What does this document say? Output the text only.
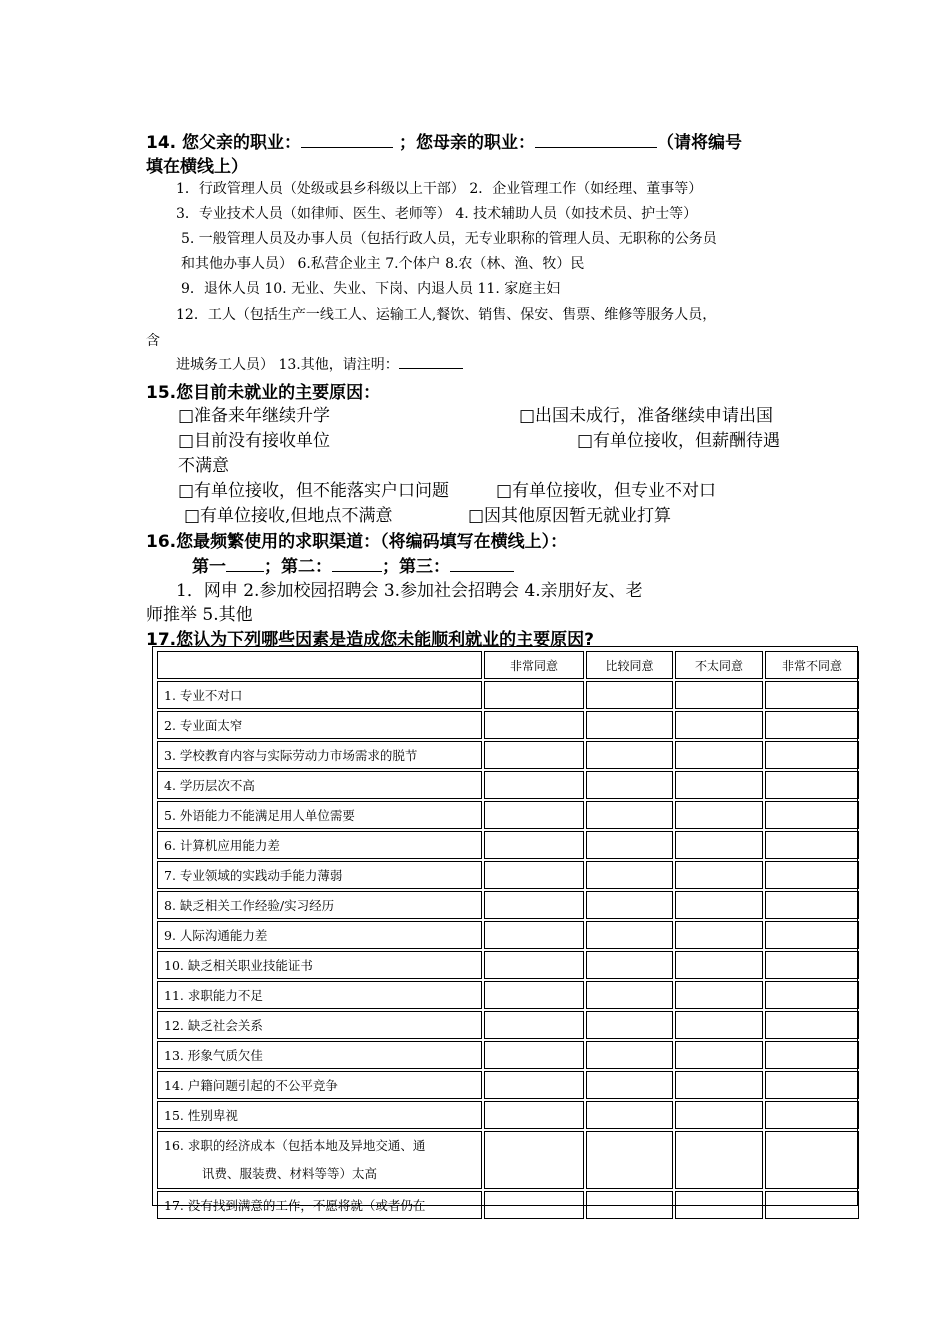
14. 您父亲的职业：	；您母亲的职业：	（请将编号
填在横线上）
1．行政管理人员（处级或县乡科级以上干部） 2．企业管理工作（如经理、董事等）
3．专业技术人员（如律师、医生、老师等） 4. 技术辅助人员（如技术员、护士等）
5. 一般管理人员及办事人员（包括行政人员，无专业职称的管理人员、无职称的公务员
和其他办事人员） 6.私营企业主 7.个体户 8.农（林、渔、牧）民
9．退休人员 10. 无业、失业、下岗、内退人员 11. 家庭主妇
12．工人（包括生产一线工人、运输工人,餐饮、销售、保安、售票、维修等服务人员，
含
进城务工人员） 13.其他，请注明：
15.您目前未就业的主要原因：
□准备来年继续升学	□出国未成行，准备继续申请出国
□目前没有接收单位	□有单位接收，但薪酬待遇
不满意
□有单位接收，但不能落实户口问题	□有单位接收，但专业不对口
□有单位接收,但地点不满意	□因其他原因暂无就业打算
16.您最频繁使用的求职渠道：（将编码填写在横线上）：
第一 ；第二：	；第三：
1．网申 2.参加校园招聘会 3.参加社会招聘会 4.亲朋好友、老
师推举 5.其他
17.您认为下列哪些因素是造成您未能顺利就业的主要原因?
	非常同意	比较同意	不太同意	非常不同意
1. 专业不对口				
2. 专业面太窄				
3. 学校教育内容与实际劳动力市场需求的脱节				
4. 学历层次不高				
5. 外语能力不能满足用人单位需要				
6. 计算机应用能力差				
7. 专业领域的实践动手能力薄弱				
8. 缺乏相关工作经验/实习经历				
9. 人际沟通能力差				
10. 缺乏相关职业技能证书				
11. 求职能力不足				
12. 缺乏社会关系				
13. 形象气质欠佳				
14. 户籍问题引起的不公平竞争				
15. 性别卑视				

16. 求职的经济成本（包括本地及异地交通、通
讯费、服装费、材料等等）太高				

17. 没有找到满意的工作，不愿将就（或者仍在				
